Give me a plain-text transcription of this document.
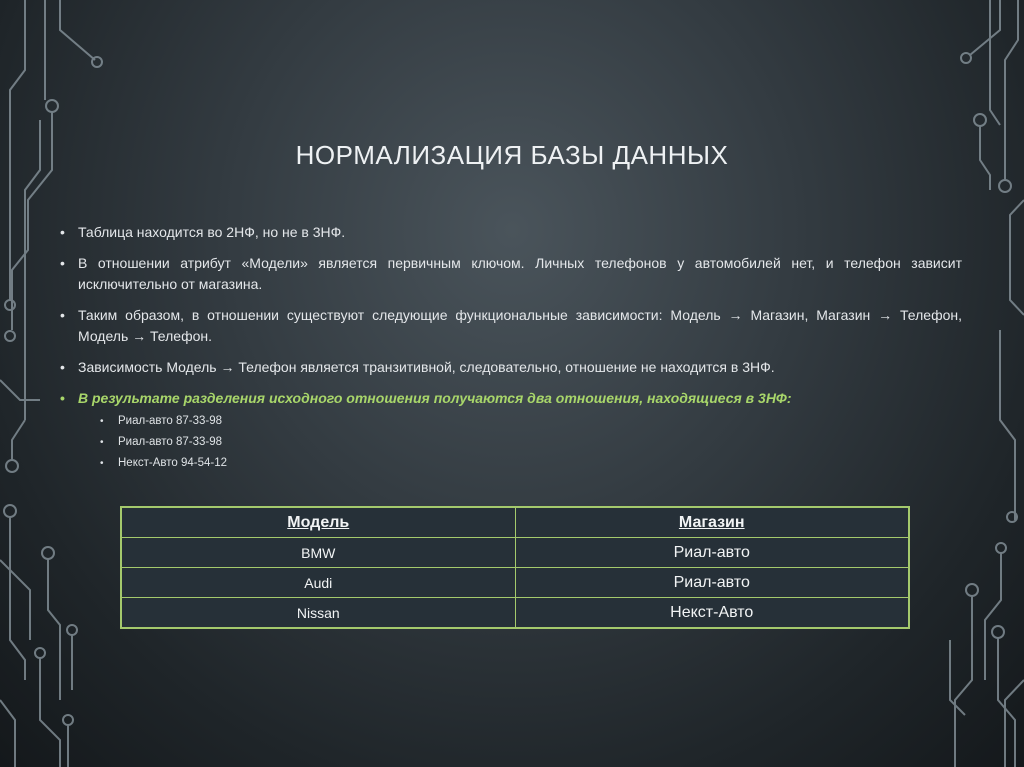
НОРМАЛИЗАЦИЯ БАЗЫ ДАННЫХ
• Таблица находится во 2НФ, но не в 3НФ.
• В отношении атрибут «Модели» является первичным ключом. Личных телефонов у автомобилей нет, и телефон зависит исключительно от магазина.
• Таким образом, в отношении существуют следующие функциональные зависимости: Модель → Магазин, Магазин → Телефон, Модель → Телефон.
• Зависимость Модель → Телефон является транзитивной, следовательно, отношение не находится в 3НФ.
• В результате разделения исходного отношения получаются два отношения, находящиеся в 3НФ:
• Риал-авто 87-33-98
• Риал-авто 87-33-98
• Некст-Авто 94-54-12
Модель	Магазин
BMW	Риал-авто
Audi	Риал-авто
Nissan	Некст-Авто
